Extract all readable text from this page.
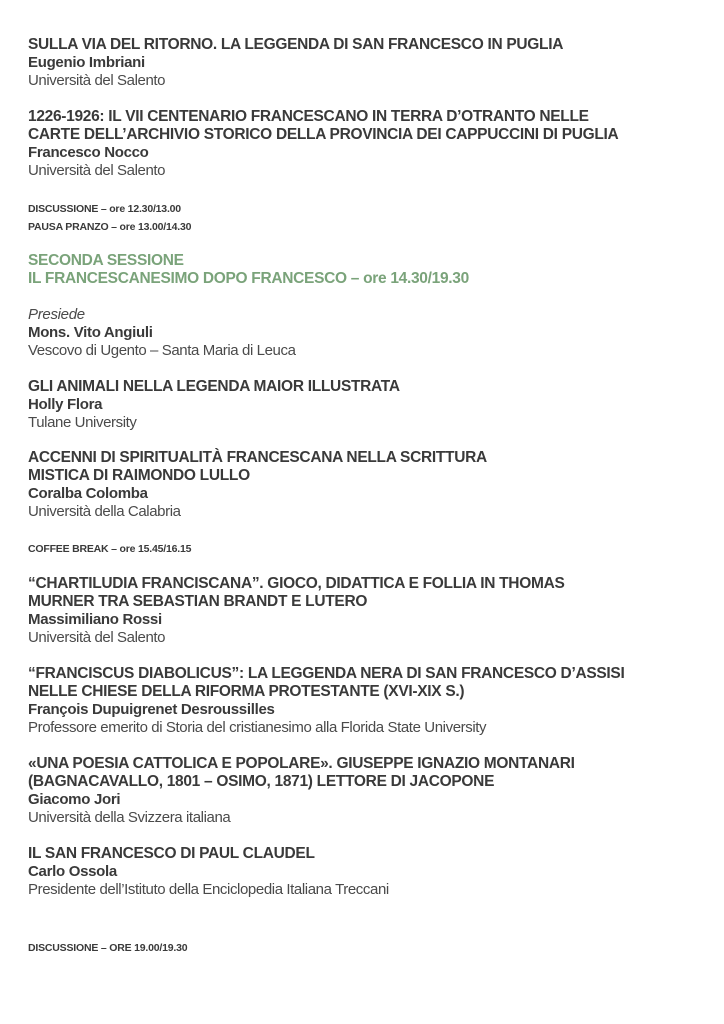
SULLA VIA DEL RITORNO. LA LEGGENDA DI SAN FRANCESCO IN PUGLIA

Eugenio Imbriani

Università del Salento

1226-1926: IL VII CENTENARIO FRANCESCANO IN TERRA D’OTRANTO NELLE

CARTE DELL’ARCHIVIO STORICO DELLA PROVINCIA DEI CAPPUCCINI DI PUGLIA

Francesco Nocco

Università del Salento

DISCUSSIONE – ore 12.30/13.00

PAUSA PRANZO – ore 13.00/14.30

SECONDA SESSIONE

IL FRANCESCANESIMO DOPO FRANCESCO – ore 14.30/19.30

Presiede

Mons. Vito Angiuli

Vescovo di Ugento – Santa Maria di Leuca

GLI ANIMALI NELLA LEGENDA MAIOR ILLUSTRATA

Holly Flora

Tulane University

ACCENNI DI SPIRITUALITÀ FRANCESCANA NELLA SCRITTURA

MISTICA DI RAIMONDO LULLO

Coralba Colomba

Università della Calabria

COFFEE BREAK – ore 15.45/16.15

“CHARTILUDIA FRANCISCANA”. GIOCO, DIDATTICA E FOLLIA IN THOMAS

MURNER TRA SEBASTIAN BRANDT E LUTERO

Massimiliano Rossi

Università del Salento

“FRANCISCUS DIABOLICUS”: LA LEGGENDA NERA DI SAN FRANCESCO D’ASSISI

NELLE CHIESE DELLA RIFORMA PROTESTANTE (XVI-XIX S.)

François Dupuigrenet Desroussilles

Professore emerito di Storia del cristianesimo alla Florida State University

«UNA POESIA CATTOLICA E POPOLARE». GIUSEPPE IGNAZIO MONTANARI

(BAGNACAVALLO, 1801 – OSIMO, 1871) LETTORE DI JACOPONE

Giacomo Jori

Università della Svizzera italiana

IL SAN FRANCESCO DI PAUL CLAUDEL

Carlo Ossola

Presidente dell’Istituto della Enciclopedia Italiana Treccani

DISCUSSIONE – ORE 19.00/19.30
